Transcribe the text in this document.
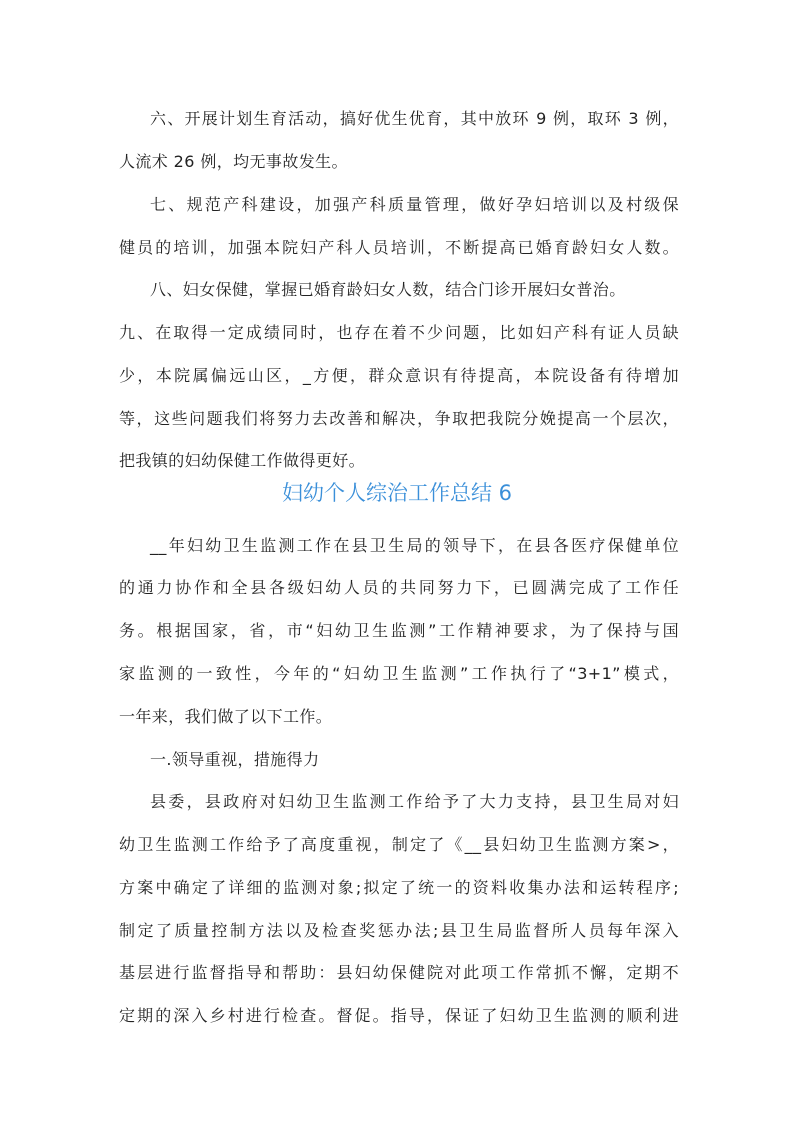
六、开展计划生育活动，搞好优生优育，其中放环 9 例，取环 3 例，
人流术 26 例，均无事故发生。
七、规范产科建设，加强产科质量管理，做好孕妇培训以及村级保
健员的培训，加强本院妇产科人员培训，不断提高已婚育龄妇女人数。
八、妇女保健，掌握已婚育龄妇女人数，结合门诊开展妇女普治。
九、在取得一定成绩同时，也存在着不少问题，比如妇产科有证人员缺
少，本院属偏远山区，_方便，群众意识有待提高，本院设备有待增加
等，这些问题我们将努力去改善和解决，争取把我院分娩提高一个层次，
把我镇的妇幼保健工作做得更好。
妇幼个人综治工作总结 6
__年妇幼卫生监测工作在县卫生局的领导下，在县各医疗保健单位
的通力协作和全县各级妇幼人员的共同努力下，已圆满完成了工作任
务。根据国家，省，市“妇幼卫生监测”工作精神要求，为了保持与国
家监测的一致性，今年的“妇幼卫生监测”工作执行了“3+1”模式，
一年来，我们做了以下工作。
一.领导重视，措施得力
县委，县政府对妇幼卫生监测工作给予了大力支持，县卫生局对妇
幼卫生监测工作给予了高度重视，制定了《__县妇幼卫生监测方案>，
方案中确定了详细的监测对象;拟定了统一的资料收集办法和运转程序;
制定了质量控制方法以及检查奖惩办法;县卫生局监督所人员每年深入
基层进行监督指导和帮助：县妇幼保健院对此项工作常抓不懈，定期不
定期的深入乡村进行检查。督促。指导，保证了妇幼卫生监测的顺利进
